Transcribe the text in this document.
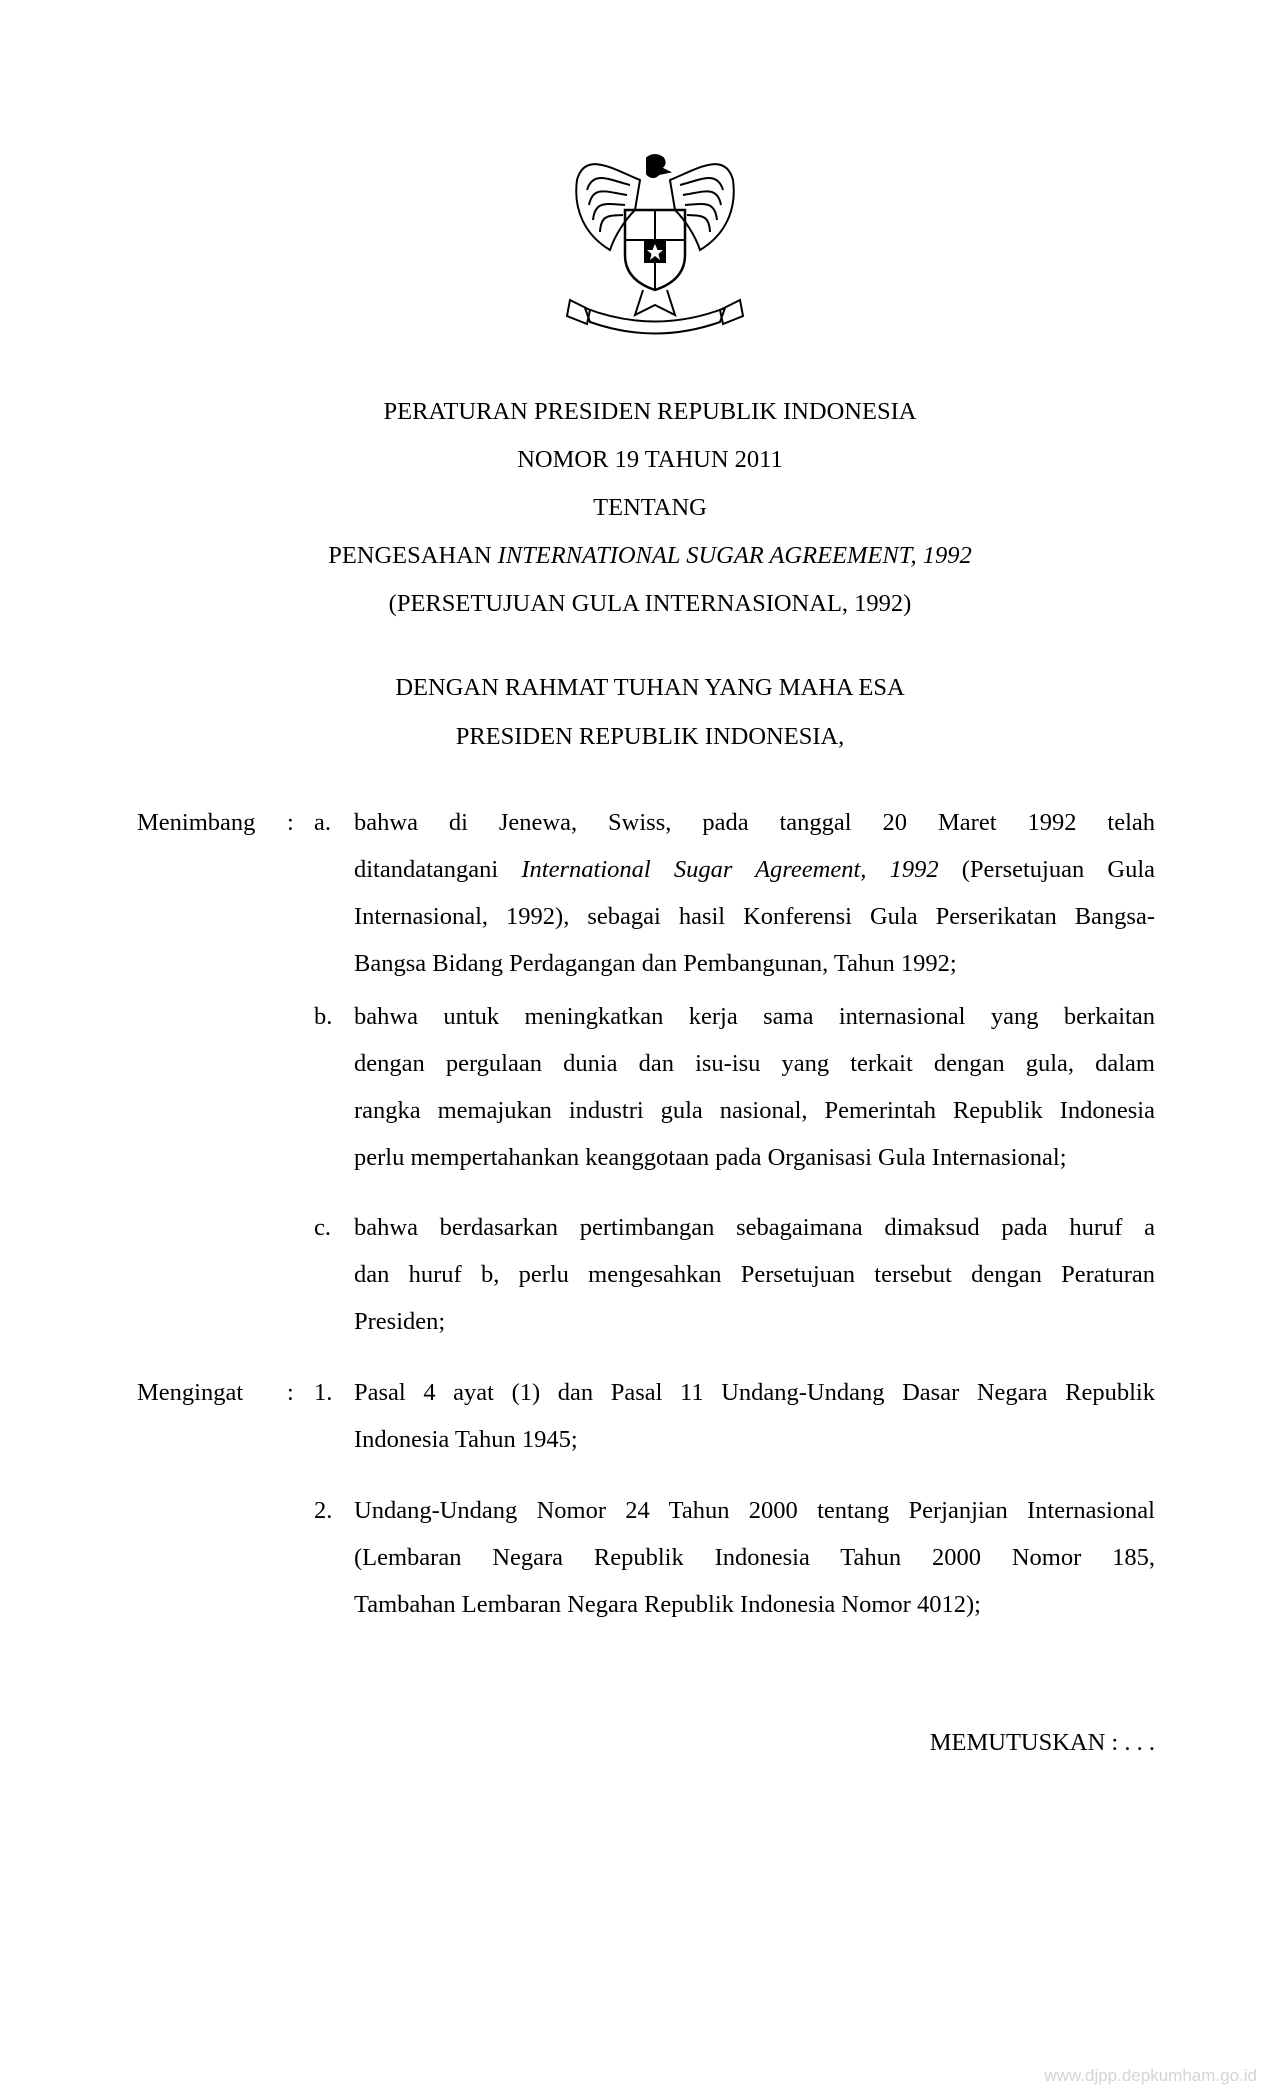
PERATURAN PRESIDEN REPUBLIK INDONESIA
NOMOR 19 TAHUN 2011
TENTANG
PENGESAHAN INTERNATIONAL SUGAR AGREEMENT, 1992
(PERSETUJUAN GULA INTERNASIONAL, 1992)
DENGAN RAHMAT TUHAN YANG MAHA ESA
PRESIDEN REPUBLIK INDONESIA,
Menimbang : a. bahwa di Jenewa, Swiss, pada tanggal 20 Maret 1992 telah
ditandatangani International Sugar Agreement, 1992 (Persetujuan Gula
Internasional, 1992), sebagai hasil Konferensi Gula Perserikatan Bangsa-
Bangsa Bidang Perdagangan dan Pembangunan, Tahun 1992;
b. bahwa untuk meningkatkan kerja sama internasional yang berkaitan
dengan pergulaan dunia dan isu-isu yang terkait dengan gula, dalam
rangka memajukan industri gula nasional, Pemerintah Republik Indonesia
perlu mempertahankan keanggotaan pada Organisasi Gula Internasional;
c. bahwa berdasarkan pertimbangan sebagaimana dimaksud pada huruf a
dan huruf b, perlu mengesahkan Persetujuan tersebut dengan Peraturan
Presiden;
Mengingat : 1. Pasal 4 ayat (1) dan Pasal 11 Undang-Undang Dasar Negara Republik
Indonesia Tahun 1945;
2. Undang-Undang Nomor 24 Tahun 2000 tentang Perjanjian Internasional
(Lembaran Negara Republik Indonesia Tahun 2000 Nomor 185,
Tambahan Lembaran Negara Republik Indonesia Nomor 4012);
MEMUTUSKAN : . . .
www.djpp.depkumham.go.id
